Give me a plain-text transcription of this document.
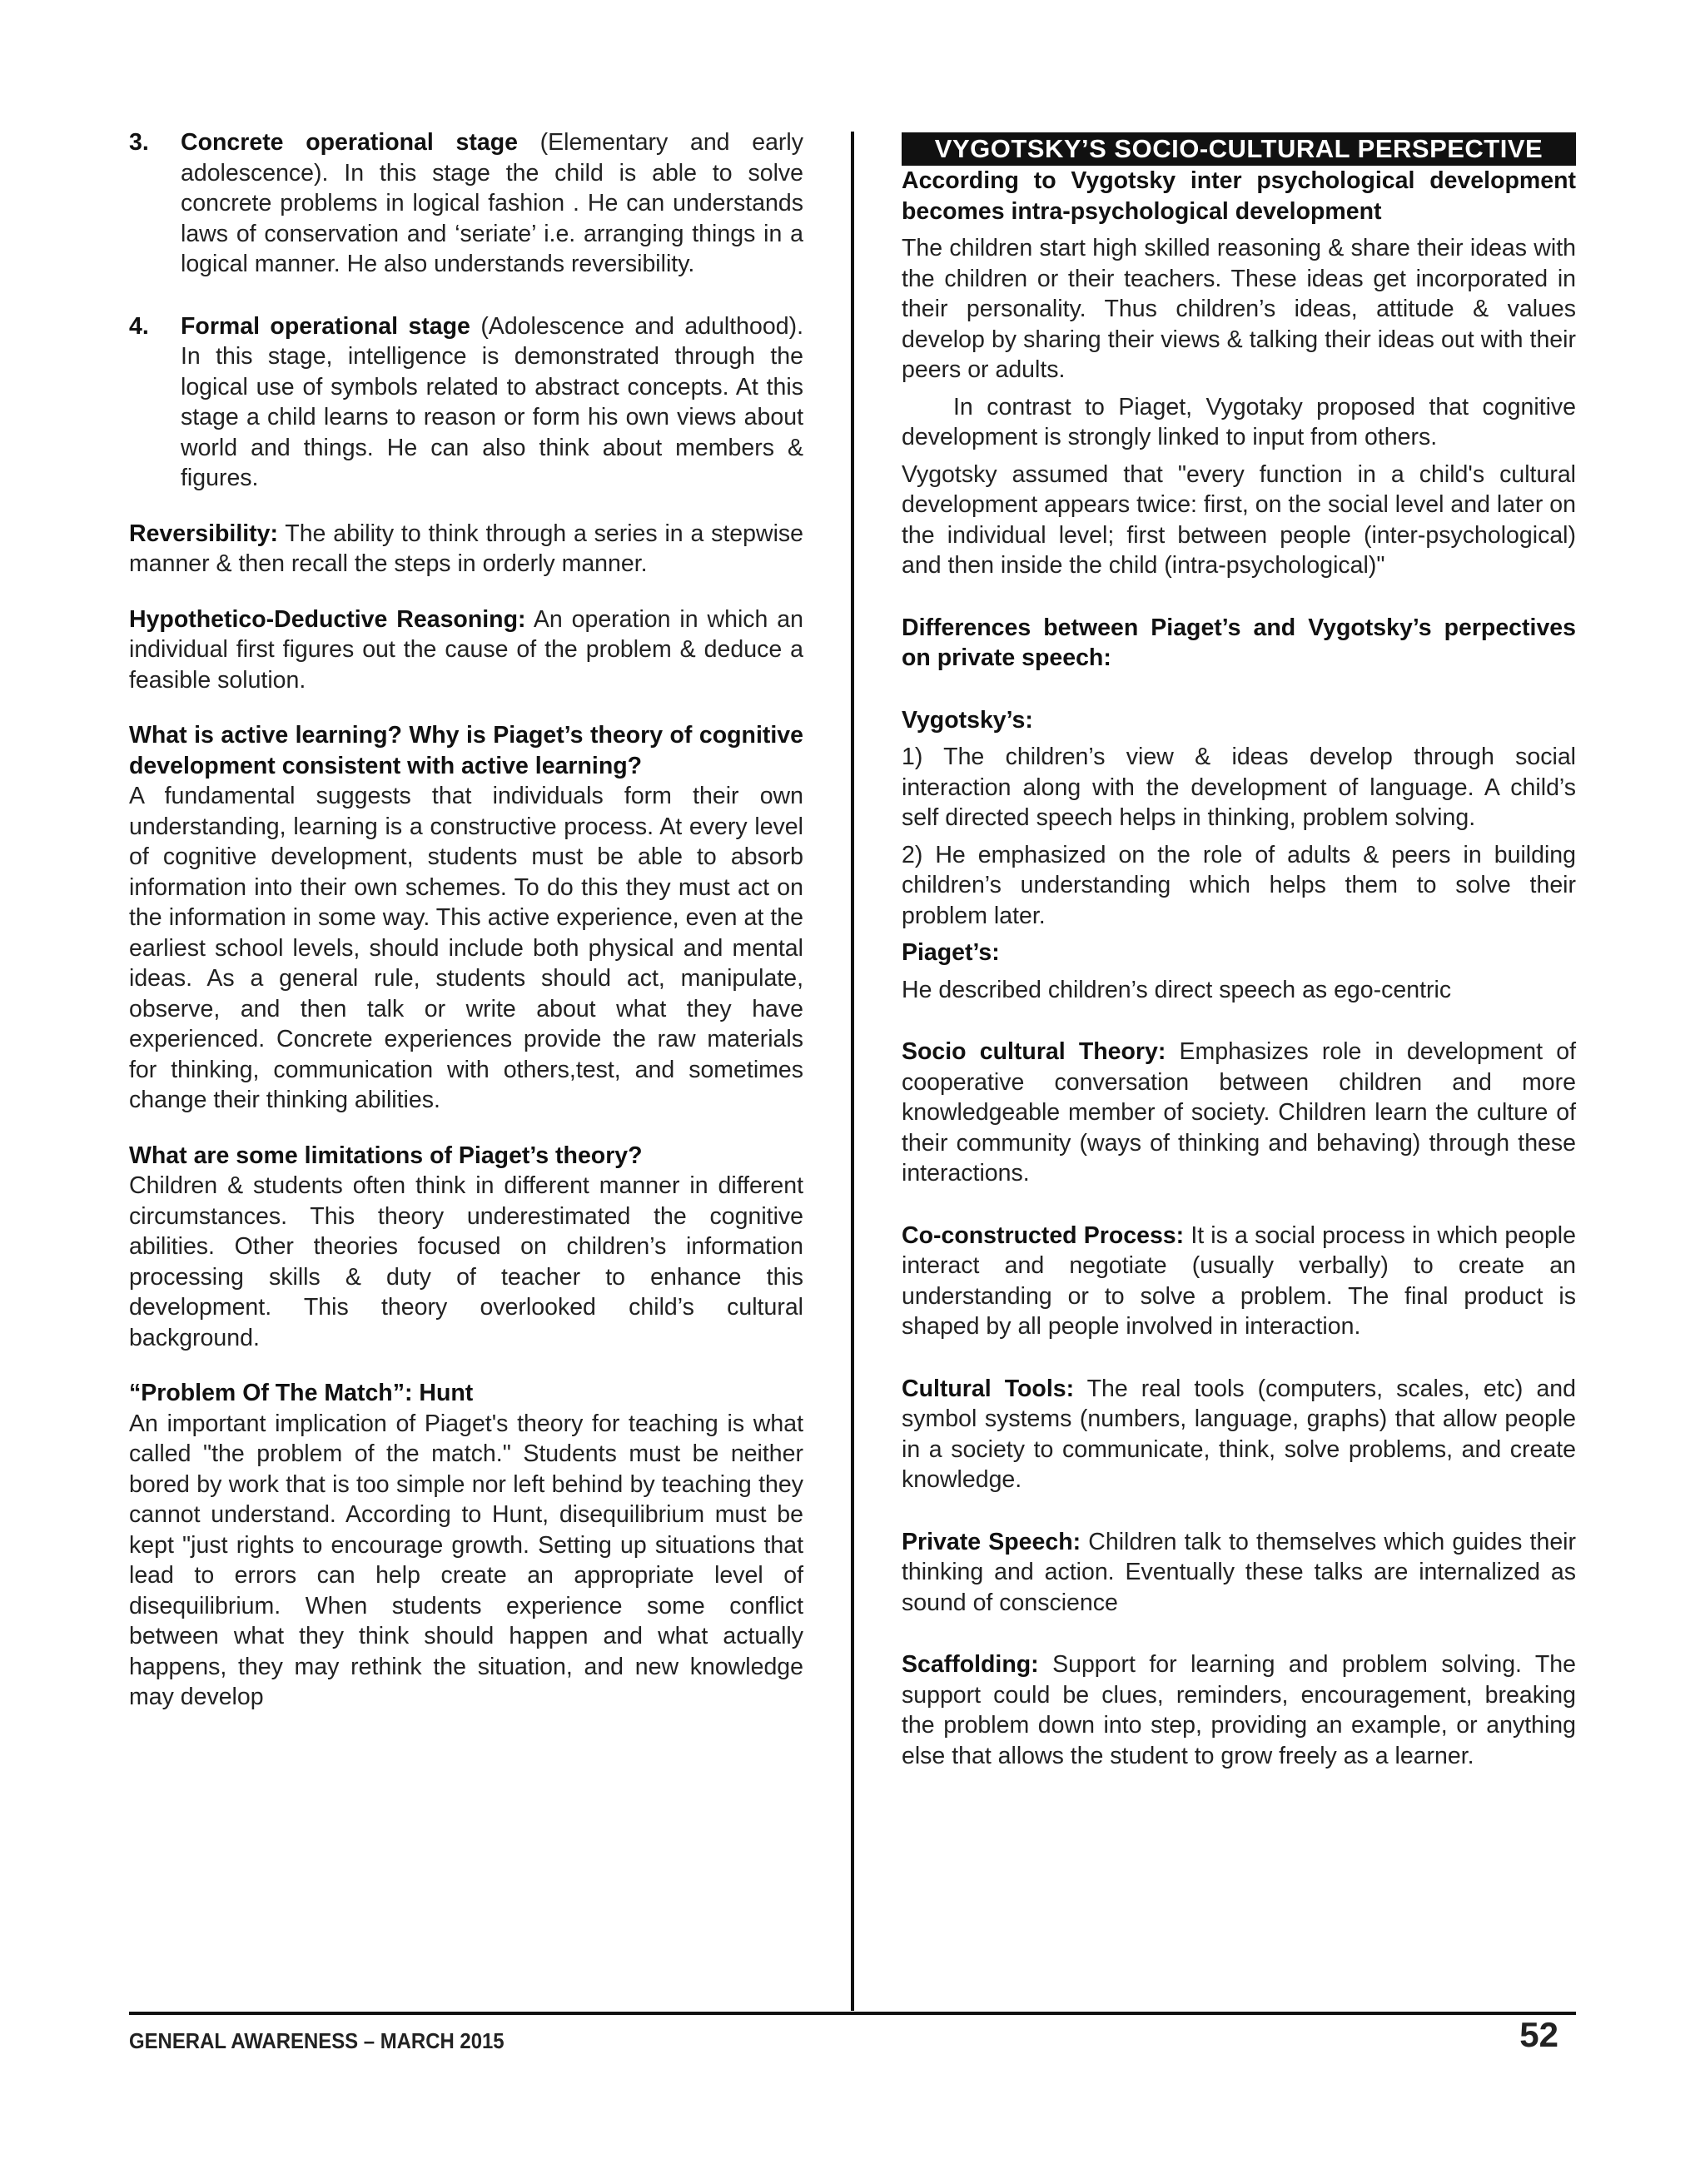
3.	Concrete operational stage (Elementary and early adolescence). In this stage the child is able to solve concrete problems in logical fashion . He can understands laws of conservation and ‘seriate’ i.e. arranging things in a logical manner. He also understands reversibility.

4.	Formal operational stage (Adolescence and adulthood). In this stage, intelligence is demonstrated through the logical use of symbols related to abstract concepts. At this stage a child learns to reason or form his own views about world and things. He can also think about members & figures.

Reversibility: The ability to think through a series in a stepwise manner & then recall the steps in orderly manner.

Hypothetico-Deductive Reasoning: An operation in which an individual first figures out the cause of the problem & deduce a feasible solution.

What is active learning? Why is Piaget’s theory of cognitive development consistent with active learning?

A fundamental suggests that individuals form their own understanding, learning is a constructive process. At every level of cognitive development, students must be able to absorb information into their own schemes. To do this they must act on the information in some way. This active experience, even at the earliest school levels, should include both physical and mental ideas. As a general rule, students should act, manipulate, observe, and then talk or write about what they have experienced. Concrete experiences provide the raw materials for thinking, communication with others,test, and sometimes change their thinking abilities.

What are some limitations of Piaget’s theory?

Children & students often think in different manner in different circumstances. This theory underestimated the cognitive abilities. Other theories focused on children’s information processing skills & duty of teacher to enhance this development. This theory overlooked child’s cultural background.

“Problem Of The Match”: Hunt

An important implication of Piaget's theory for teaching is what called "the problem of the match." Students must be neither bored by work that is too simple nor left behind by teaching they cannot understand. According to Hunt, disequilibrium must be kept "just rights to encourage growth. Setting up situations that lead to errors can help create an appropriate level of disequilibrium. When students experience some conflict between what they think should happen and what actually happens, they may rethink the situation, and new knowledge may develop

VYGOTSKY’S SOCIO-CULTURAL PERSPECTIVE

According to Vygotsky inter psychological development becomes intra-psychological development

The children start high skilled reasoning & share their ideas with the children or their teachers. These ideas get incorporated in their personality. Thus children’s ideas, attitude & values develop by sharing their views & talking their ideas out with their peers or adults.

In contrast to Piaget, Vygotaky proposed that cognitive development is strongly linked to input from others.

Vygotsky assumed that "every function in a child's cultural development appears twice: first, on the social level and later on the individual level; first between people (inter-psychological) and then inside the child (intra-psychological)"

Differences between Piaget’s and Vygotsky’s perpectives on private speech:

Vygotsky’s:

1) The children’s view & ideas develop through social interaction along with the development of language. A child’s self directed speech helps in thinking, problem solving.

2) He emphasized on the role of adults & peers in building children’s understanding which helps them to solve their problem later.

Piaget’s:

He described children’s direct speech as ego-centric

Socio cultural Theory: Emphasizes role in development of cooperative conversation between children and more knowledgeable member of society. Children learn the culture of their community (ways of thinking and behaving) through these interactions.

Co-constructed Process: It is a social process in which people interact and negotiate (usually verbally) to create an understanding or to solve a problem. The final product is shaped by all people involved in interaction.

Cultural Tools: The real tools (computers, scales, etc) and symbol systems (numbers, language, graphs) that allow people in a society to communicate, think, solve problems, and create knowledge.

Private Speech: Children talk to themselves which guides their thinking and action. Eventually these talks are internalized as sound of conscience

Scaffolding: Support for learning and problem solving. The support could be clues, reminders, encouragement, breaking the problem down into step, providing an example, or anything else that allows the student to grow freely as a learner.

GENERAL AWARENESS – MARCH 2015	52
